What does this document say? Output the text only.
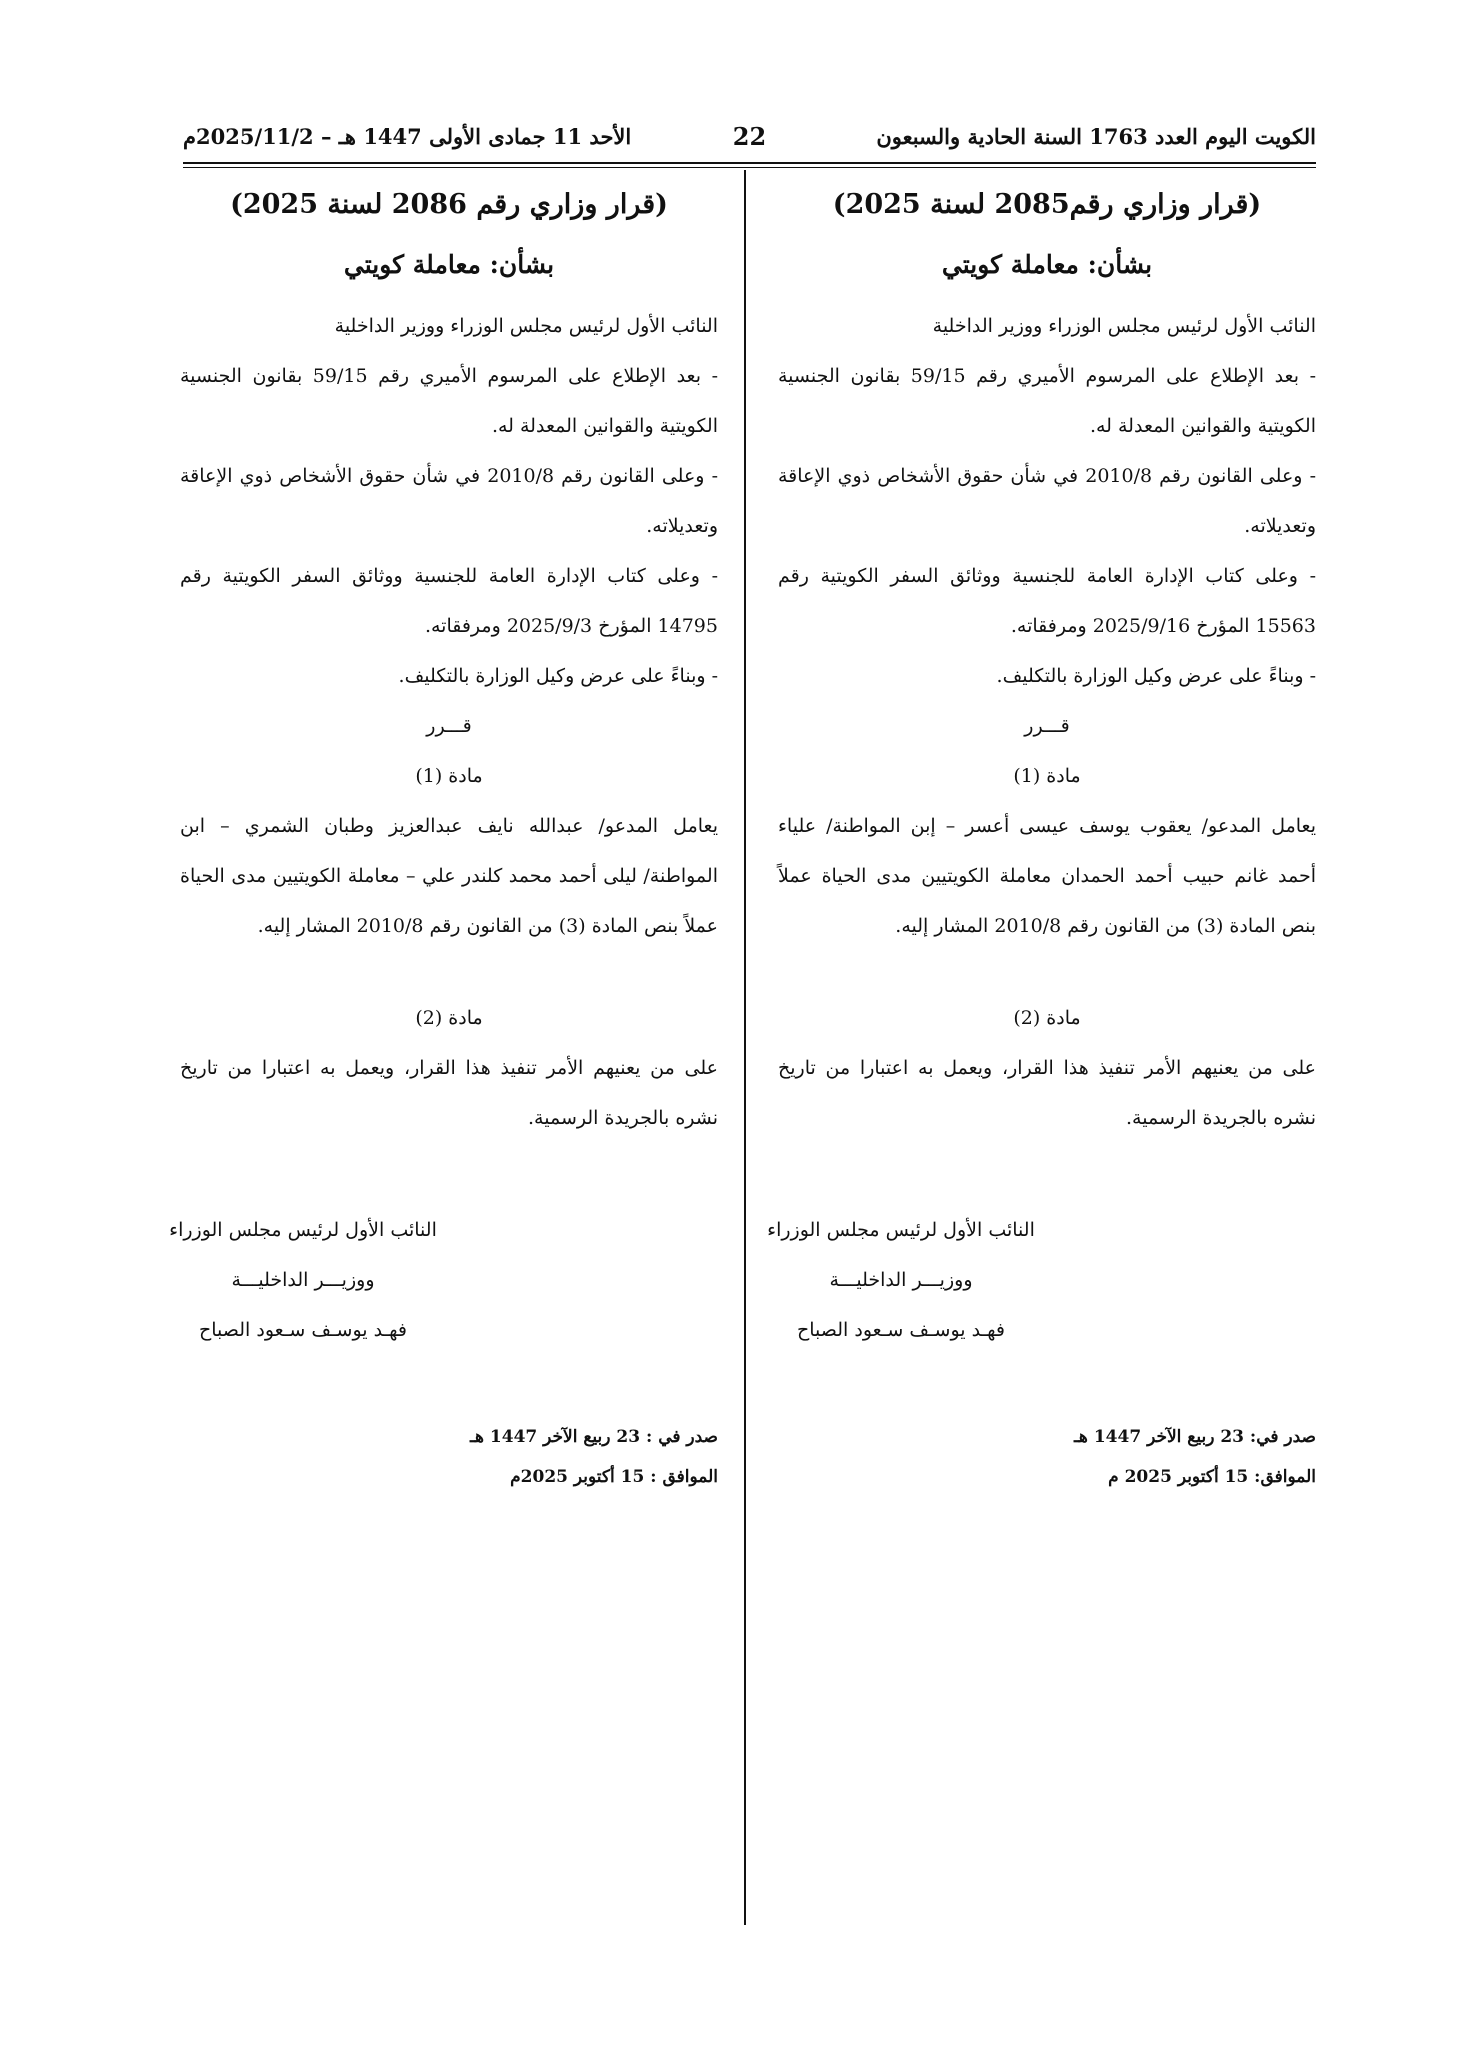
الكويت اليوم العدد 1763 السنة الحادية والسبعون
22
الأحد 11 جمادى الأولى 1447 هـ – 2025/11/2م
(قرار وزاري رقم2085 لسنة 2025)
بشأن: معاملة كويتي

النائب الأول لرئيس مجلس الوزراء ووزير الداخلية

- بعد الإطلاع على المرسوم الأميري رقم 59/15 بقانون الجنسية الكويتية والقوانين المعدلة له.

- وعلى القانون رقم 2010/8 في شأن حقوق الأشخاص ذوي الإعاقة وتعديلاته.

- وعلى كتاب الإدارة العامة للجنسية ووثائق السفر الكويتية رقم 15563 المؤرخ 2025/9/16 ومرفقاته.

- وبناءً على عرض وكيل الوزارة بالتكليف.

قـــرر

مادة (1)

يعامل المدعو/ يعقوب يوسف عيسى أعسر – إبن المواطنة/ علياء أحمد غانم حبيب أحمد الحمدان معاملة الكويتيين مدى الحياة عملاً بنص المادة (3) من القانون رقم 2010/8 المشار إليه.

مادة (2)

على من يعنيهم الأمر تنفيذ هذا القرار، ويعمل به اعتبارا من تاريخ نشره بالجريدة الرسمية.

النائب الأول لرئيس مجلس الوزراء
ووزيـــر الداخليـــة
فهـد يوسـف سـعود الصباح

صدر في: 23 ربيع الآخر 1447 هـ

الموافق: 15 أكتوبر 2025 م

(قرار وزاري رقم 2086 لسنة 2025)
بشأن: معاملة كويتي

النائب الأول لرئيس مجلس الوزراء ووزير الداخلية

- بعد الإطلاع على المرسوم الأميري رقم 59/15 بقانون الجنسية الكويتية والقوانين المعدلة له.

- وعلى القانون رقم 2010/8 في شأن حقوق الأشخاص ذوي الإعاقة وتعديلاته.

- وعلى كتاب الإدارة العامة للجنسية ووثائق السفر الكويتية رقم 14795 المؤرخ 2025/9/3 ومرفقاته.

- وبناءً على عرض وكيل الوزارة بالتكليف.

قـــرر

مادة (1)

يعامل المدعو/ عبدالله نايف عبدالعزيز وطبان الشمري – ابن المواطنة/ ليلى أحمد محمد كلندر علي – معاملة الكويتيين مدى الحياة عملاً بنص المادة (3) من القانون رقم 2010/8 المشار إليه.

مادة (2)

على من يعنيهم الأمر تنفيذ هذا القرار، ويعمل به اعتبارا من تاريخ نشره بالجريدة الرسمية.

النائب الأول لرئيس مجلس الوزراء
ووزيـــر الداخليـــة
فهـد يوسـف سـعود الصباح

صدر في : 23 ربيع الآخر 1447 هـ

الموافق : 15 أكتوبر 2025م
